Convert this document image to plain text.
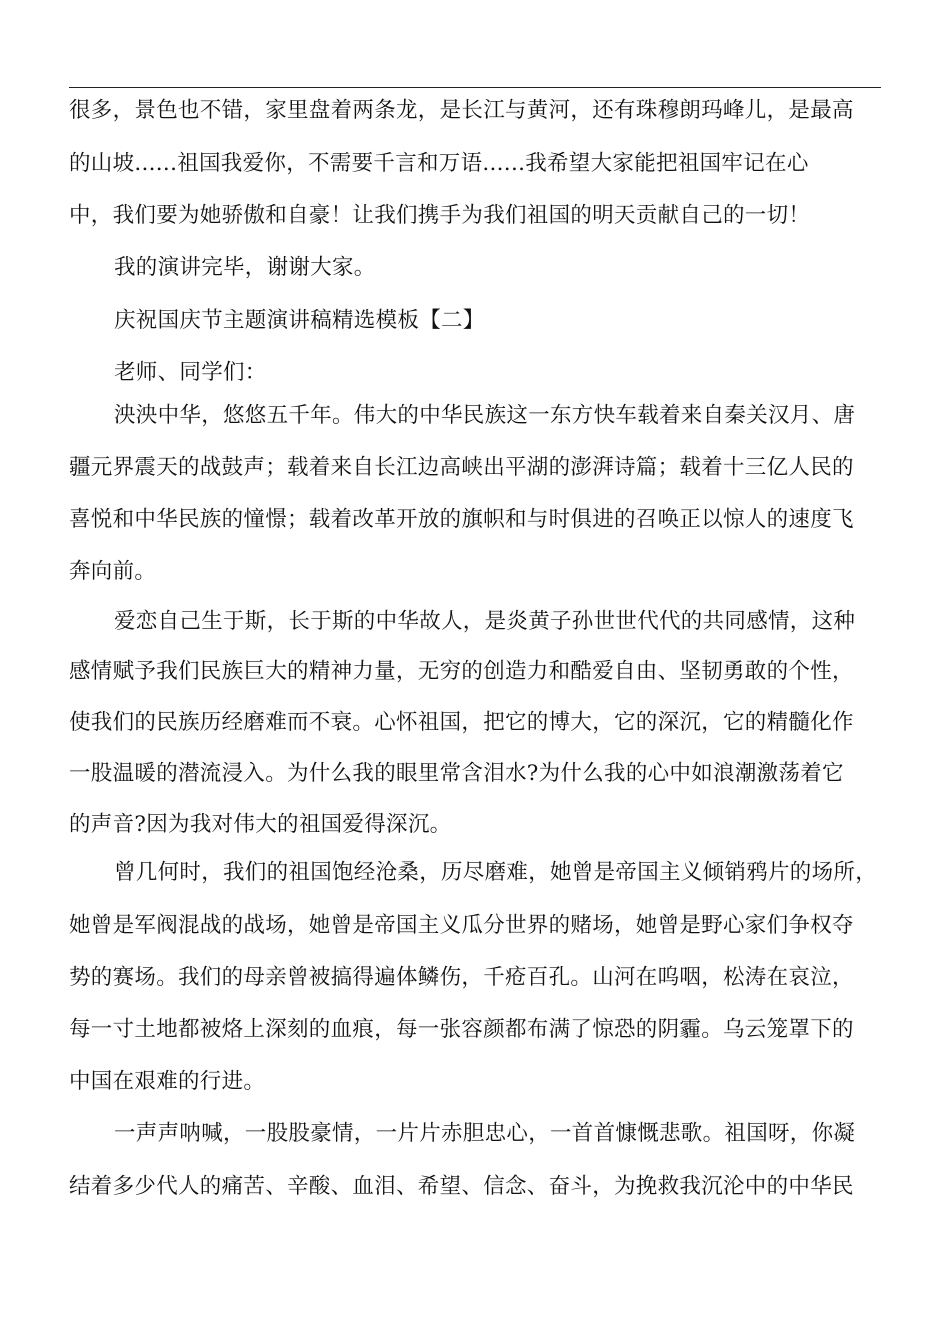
很多，景色也不错，家里盘着两条龙，是长江与黄河，还有珠穆朗玛峰儿，是最高
的山坡......祖国我爱你，不需要千言和万语......我希望大家能把祖国牢记在心
中，我们要为她骄傲和自豪！让我们携手为我们祖国的明天贡献自己的一切！
我的演讲完毕，谢谢大家。
庆祝国庆节主题演讲稿精选模板【二】
老师、同学们：
泱泱中华，悠悠五千年。伟大的中华民族这一东方快车载着来自秦关汉月、唐
疆元界震天的战鼓声；载着来自长江边高峡出平湖的澎湃诗篇；载着十三亿人民的
喜悦和中华民族的憧憬；载着改革开放的旗帜和与时俱进的召唤正以惊人的速度飞
奔向前。
爱恋自己生于斯，长于斯的中华故人，是炎黄子孙世世代代的共同感情，这种
感情赋予我们民族巨大的精神力量，无穷的创造力和酷爱自由、坚韧勇敢的个性，
使我们的民族历经磨难而不衰。心怀祖国，把它的博大，它的深沉，它的精髓化作
一股温暖的潜流浸入。为什么我的眼里常含泪水?为什么我的心中如浪潮激荡着它
的声音?因为我对伟大的祖国爱得深沉。
曾几何时，我们的祖国饱经沧桑，历尽磨难，她曾是帝国主义倾销鸦片的场所，
她曾是军阀混战的战场，她曾是帝国主义瓜分世界的赌场，她曾是野心家们争权夺
势的赛场。我们的母亲曾被搞得遍体鳞伤，千疮百孔。山河在呜咽，松涛在哀泣，
每一寸土地都被烙上深刻的血痕，每一张容颜都布满了惊恐的阴霾。乌云笼罩下的
中国在艰难的行进。
一声声呐喊，一股股豪情，一片片赤胆忠心，一首首慷慨悲歌。祖国呀，你凝
结着多少代人的痛苦、辛酸、血泪、希望、信念、奋斗，为挽救我沉沦中的中华民
